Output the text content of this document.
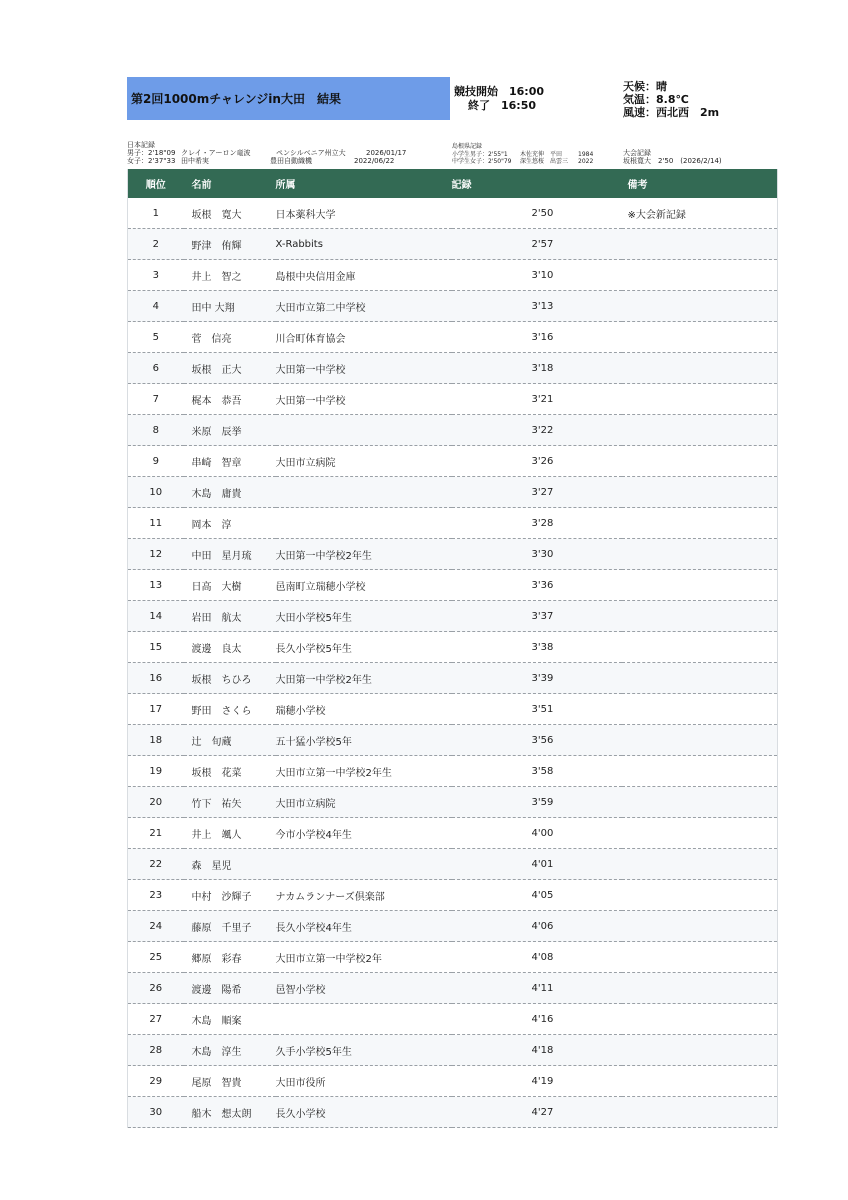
第2回1000mチャレンジin大田　結果
競技開始　16:00
終了　16:50
天候：晴
気温：8.8℃
風速：西北西　2m
日本記録
男子：2'18"09 クレイ・アーロン竜波	ペンシルベニア州立大	2026/01/17
女子：2'37"33 田中希実	豊田自動織機	2022/06/22
島根県記録
小学生男子：2'55"1 木佐充伸 平田	1984
中学生女子：2'50"79 深生悠桜 出雲三 2022
大会記録
坂根寛大　2'50　(2026/2/14)
順位	名前	所属	記録	備考
1	坂根　寛大	日本薬科大学	2'50	※大会新記録
2	野津　侑輝	X-Rabbits	2'57	
3	井上　智之	島根中央信用金庫	3'10	
4	田中 大翔	大田市立第二中学校	3'13	
5	菅　信亮	川合町体育協会	3'16	
6	坂根　正大	大田第一中学校	3'18	
7	梶本　恭吾	大田第一中学校	3'21	
8	米原　辰挙		3'22	
9	串崎　智章	大田市立病院	3'26	
10	木島　庸貴		3'27	
11	岡本　淳		3'28	
12	中田　星月琉	大田第一中学校2年生	3'30	
13	日高　大樹	邑南町立瑞穂小学校	3'36	
14	岩田　航太	大田小学校5年生	3'37	
15	渡邊　良太	長久小学校5年生	3'38	
16	坂根　ちひろ	大田第一中学校2年生	3'39	
17	野田　さくら	瑞穂小学校	3'51	
18	辻　旬蔵	五十猛小学校5年	3'56	
19	坂根　花菜	大田市立第一中学校2年生	3'58	
20	竹下　祐矢	大田市立病院	3'59	
21	井上　颯人	今市小学校4年生	4'00	
22	森　星児		4'01	
23	中村　沙輝子	ナカムランナーズ倶楽部	4'05	
24	藤原　千里子	長久小学校4年生	4'06	
25	郷原　彩春	大田市立第一中学校2年	4'08	
26	渡邊　陽希	邑智小学校	4'11	
27	木島　順案		4'16	
28	木島　淳生	久手小学校5年生	4'18	
29	尾原　智貴	大田市役所	4'19	
30	船木　想太朗	長久小学校	4'27	
